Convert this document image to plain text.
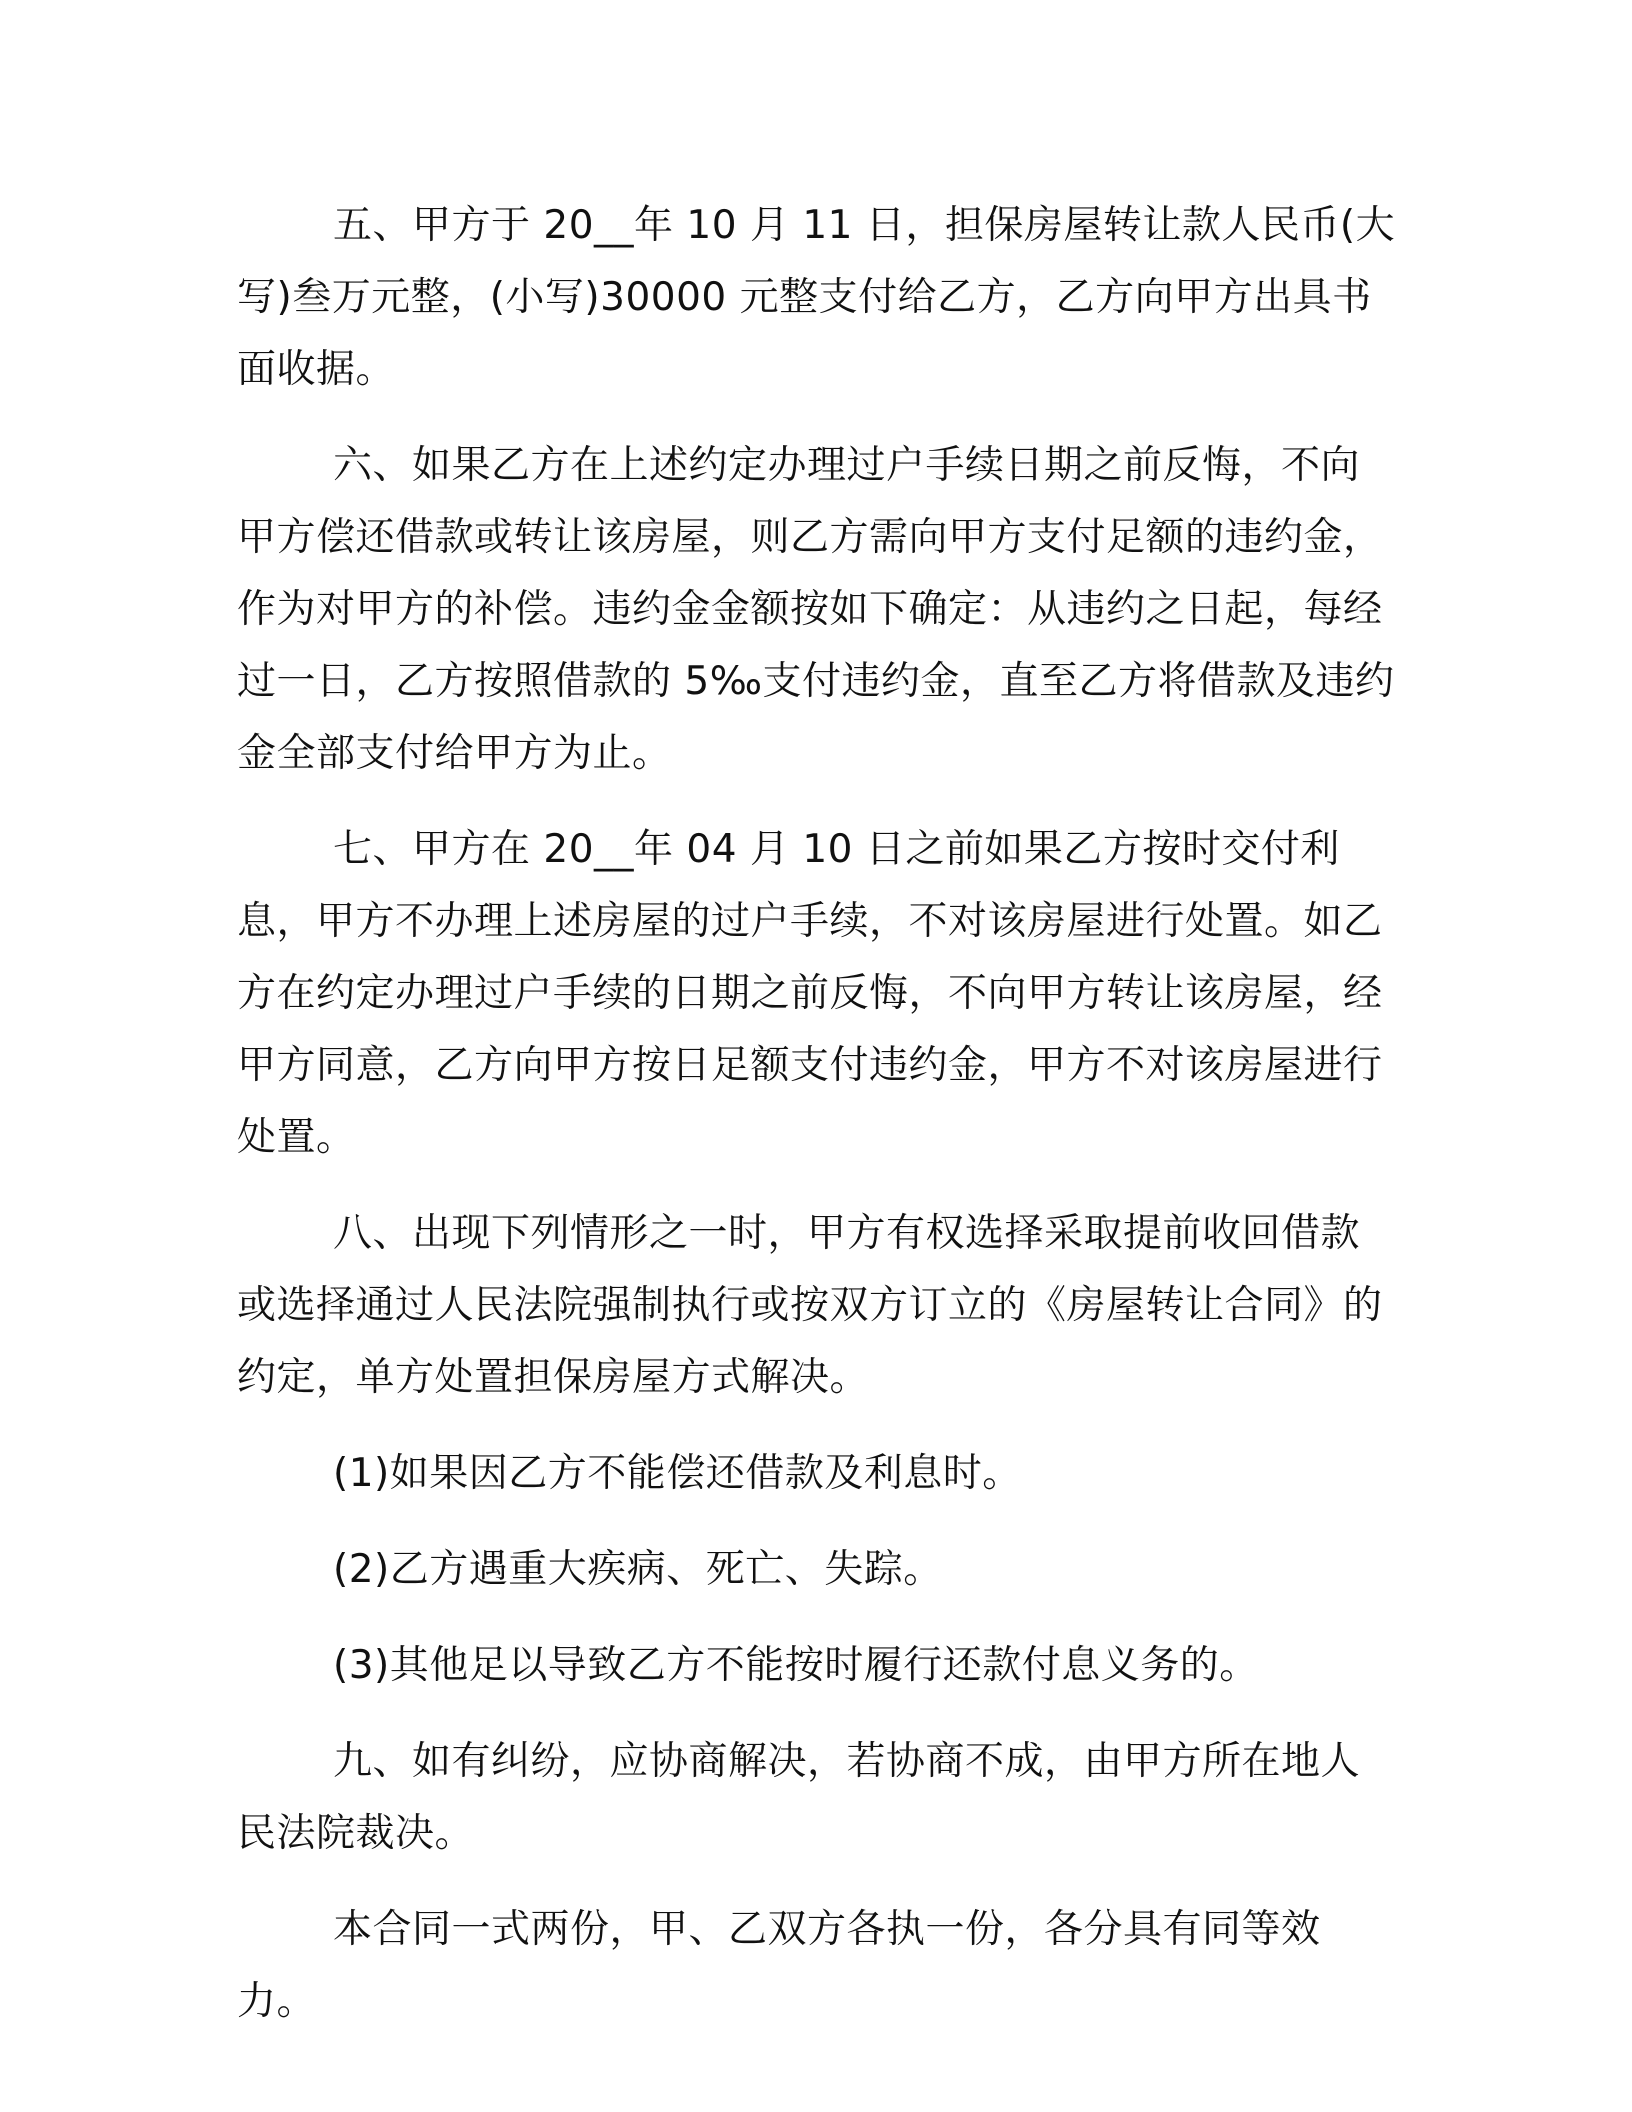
五、甲方于 20__年 10 月 11 日，担保房屋转让款人民币(大写)叁万元整，(小写)30000 元整支付给乙方，乙方向甲方出具书面收据。

六、如果乙方在上述约定办理过户手续日期之前反悔，不向甲方偿还借款或转让该房屋，则乙方需向甲方支付足额的违约金，作为对甲方的补偿。违约金金额按如下确定：从违约之日起，每经过一日，乙方按照借款的 5‰支付违约金，直至乙方将借款及违约金全部支付给甲方为止。

七、甲方在 20__年 04 月 10 日之前如果乙方按时交付利息，甲方不办理上述房屋的过户手续，不对该房屋进行处置。如乙方在约定办理过户手续的日期之前反悔，不向甲方转让该房屋，经甲方同意，乙方向甲方按日足额支付违约金，甲方不对该房屋进行处置。

八、出现下列情形之一时，甲方有权选择采取提前收回借款或选择通过人民法院强制执行或按双方订立的《房屋转让合同》的约定，单方处置担保房屋方式解决。

(1)如果因乙方不能偿还借款及利息时。

(2)乙方遇重大疾病、死亡、失踪。

(3)其他足以导致乙方不能按时履行还款付息义务的。

九、如有纠纷，应协商解决，若协商不成，由甲方所在地人民法院裁决。

本合同一式两份，甲、乙双方各执一份，各分具有同等效力。
